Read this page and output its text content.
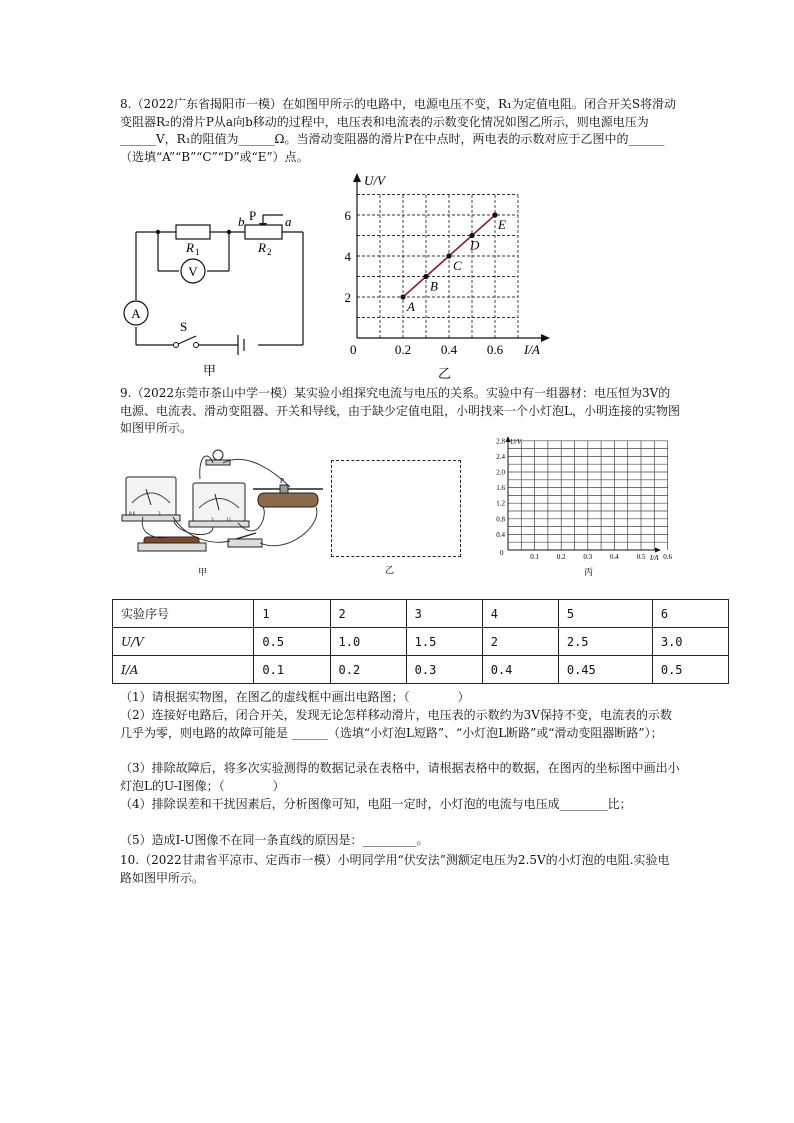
8.（2022广东省揭阳市一模）在如图甲所示的电路中，电源电压不变，R₁为定值电阻。闭合开关S将滑动变阻器R₂的滑片P从a向b移动的过程中，电压表和电流表的示数变化情况如图乙所示，则电源电压为______V，R₁的阻值为______Ω。当滑动变阻器的滑片P在中点时，两电表的示数对应于乙图中的______（选填“A”“B”“C”“D”或“E”）点。

V
A
R 1	R 2
b P a
S
甲
U/V
I/A
0	0.2 0.4 0.6
2
4
6
A
B
C
D
E
乙

9.（2022东莞市茶山中学一模）某实验小组探究电流与电压的关系。实验中有一组器材：电压恒为3V的电源、电流表、滑动变阻器、开关和导线，由于缺少定值电阻，小明找来一个小灯泡L，小明连接的实物图如图甲所示。

0.6	3
3	15
P
甲	乙
U/V
I/A
0
0.4
0.8
1.2
1.6
2.0
2.4
2.8
0.1	0.2	0.3	0.4	0.5	0.6
丙
实验序号	1	2	3	4	5	6
U/V	0.5	1.0	1.5	2	2.5	3.0
I/A	0.1	0.2	0.3	0.4	0.45	0.5

（1）请根据实物图，在图乙的虚线框中画出电路图；（　　　　）

（2）连接好电路后，闭合开关，发现无论怎样移动滑片，电压表的示数约为3V保持不变，电流表的示数几乎为零，则电路的故障可能是 ______（选填“小灯泡L短路”、“小灯泡L断路”或“滑动变阻器断路”）；

（3）排除故障后，将多次实验测得的数据记录在表格中，请根据表格中的数据，在图丙的坐标图中画出小灯泡L的U-I图像；（　　　　）

（4）排除误差和干扰因素后，分析图像可知，电阻一定时，小灯泡的电流与电压成________比；

（5）造成I-U图像不在同一条直线的原因是：_________。

10.（2022甘肃省平凉市、定西市一模）小明同学用“伏安法”测额定电压为2.5V的小灯泡的电阻.实验电路如图甲所示。
